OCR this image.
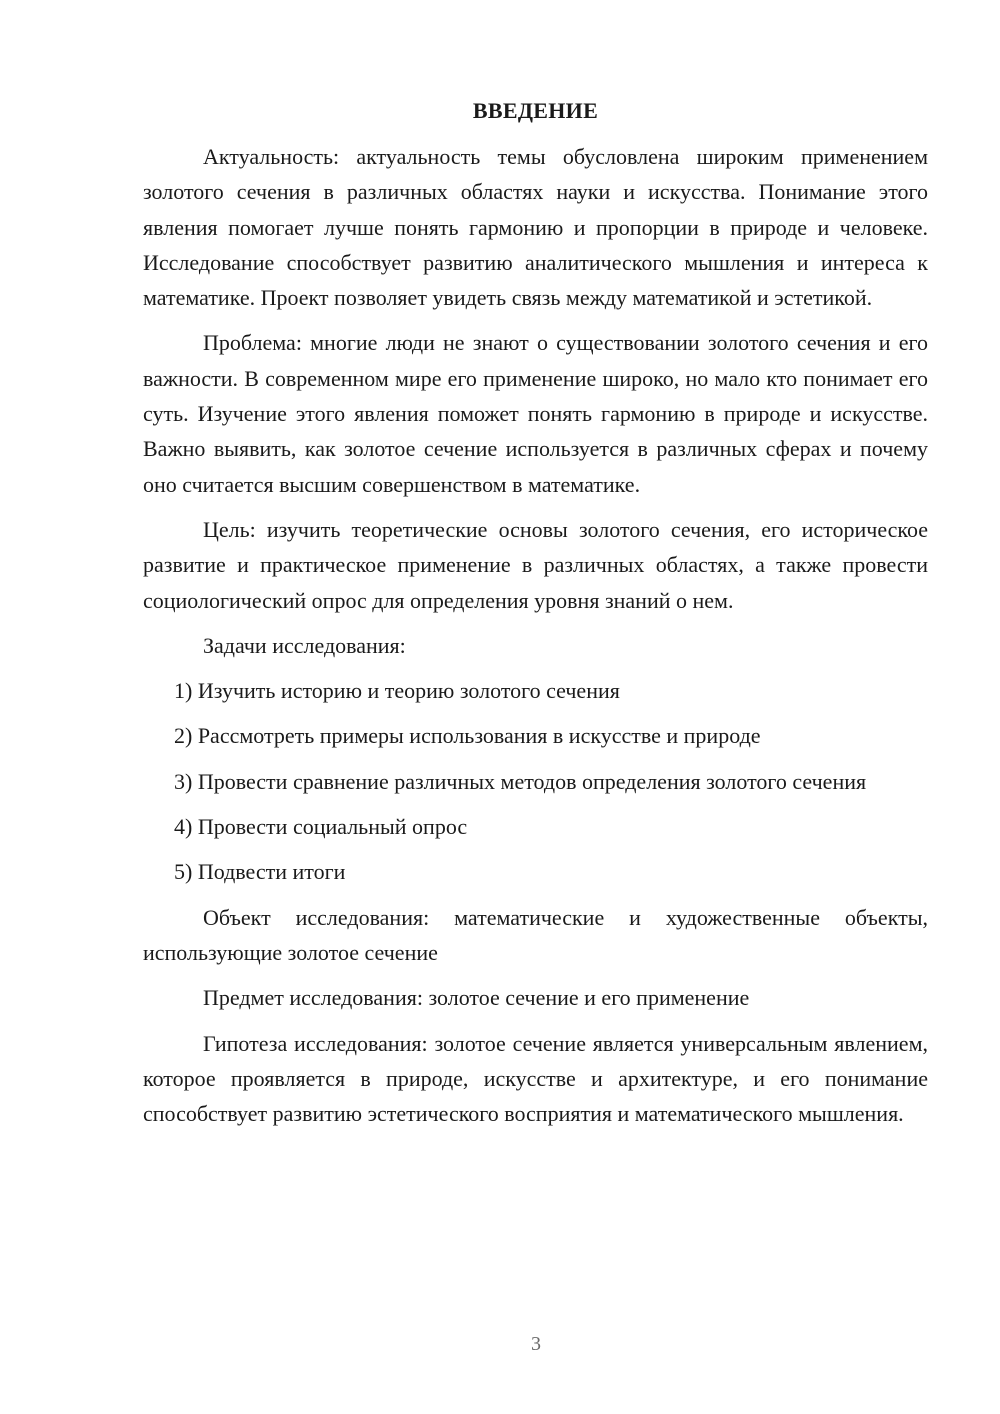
ВВЕДЕНИЕ

Актуальность: актуальность темы обусловлена широким применением золотого сечения в различных областях науки и искусства. Понимание этого явления помогает лучше понять гармонию и пропорции в природе и человеке. Исследование способствует развитию аналитического мышления и интереса к математике. Проект позволяет увидеть связь между математикой и эстетикой.

Проблема: многие люди не знают о существовании золотого сечения и его важности. В современном мире его применение широко, но мало кто понимает его суть. Изучение этого явления поможет понять гармонию в природе и искусстве. Важно выявить, как золотое сечение используется в различных сферах и почему оно считается высшим совершенством в математике.

Цель: изучить теоретические основы золотого сечения, его историческое развитие и практическое применение в различных областях, а также провести социологический опрос для определения уровня знаний о нем.

Задачи исследования:

1) Изучить историю и теорию золотого сечения

2) Рассмотреть примеры использования в искусстве и природе

3) Провести сравнение различных методов определения золотого сечения

4) Провести социальный опрос

5) Подвести итоги

Объект исследования: математические и художественные объекты, использующие золотое сечение

Предмет исследования: золотое сечение и его применение

Гипотеза исследования: золотое сечение является универсальным явлением, которое проявляется в природе, искусстве и архитектуре, и его понимание способствует развитию эстетического восприятия и математического мышления.

3
